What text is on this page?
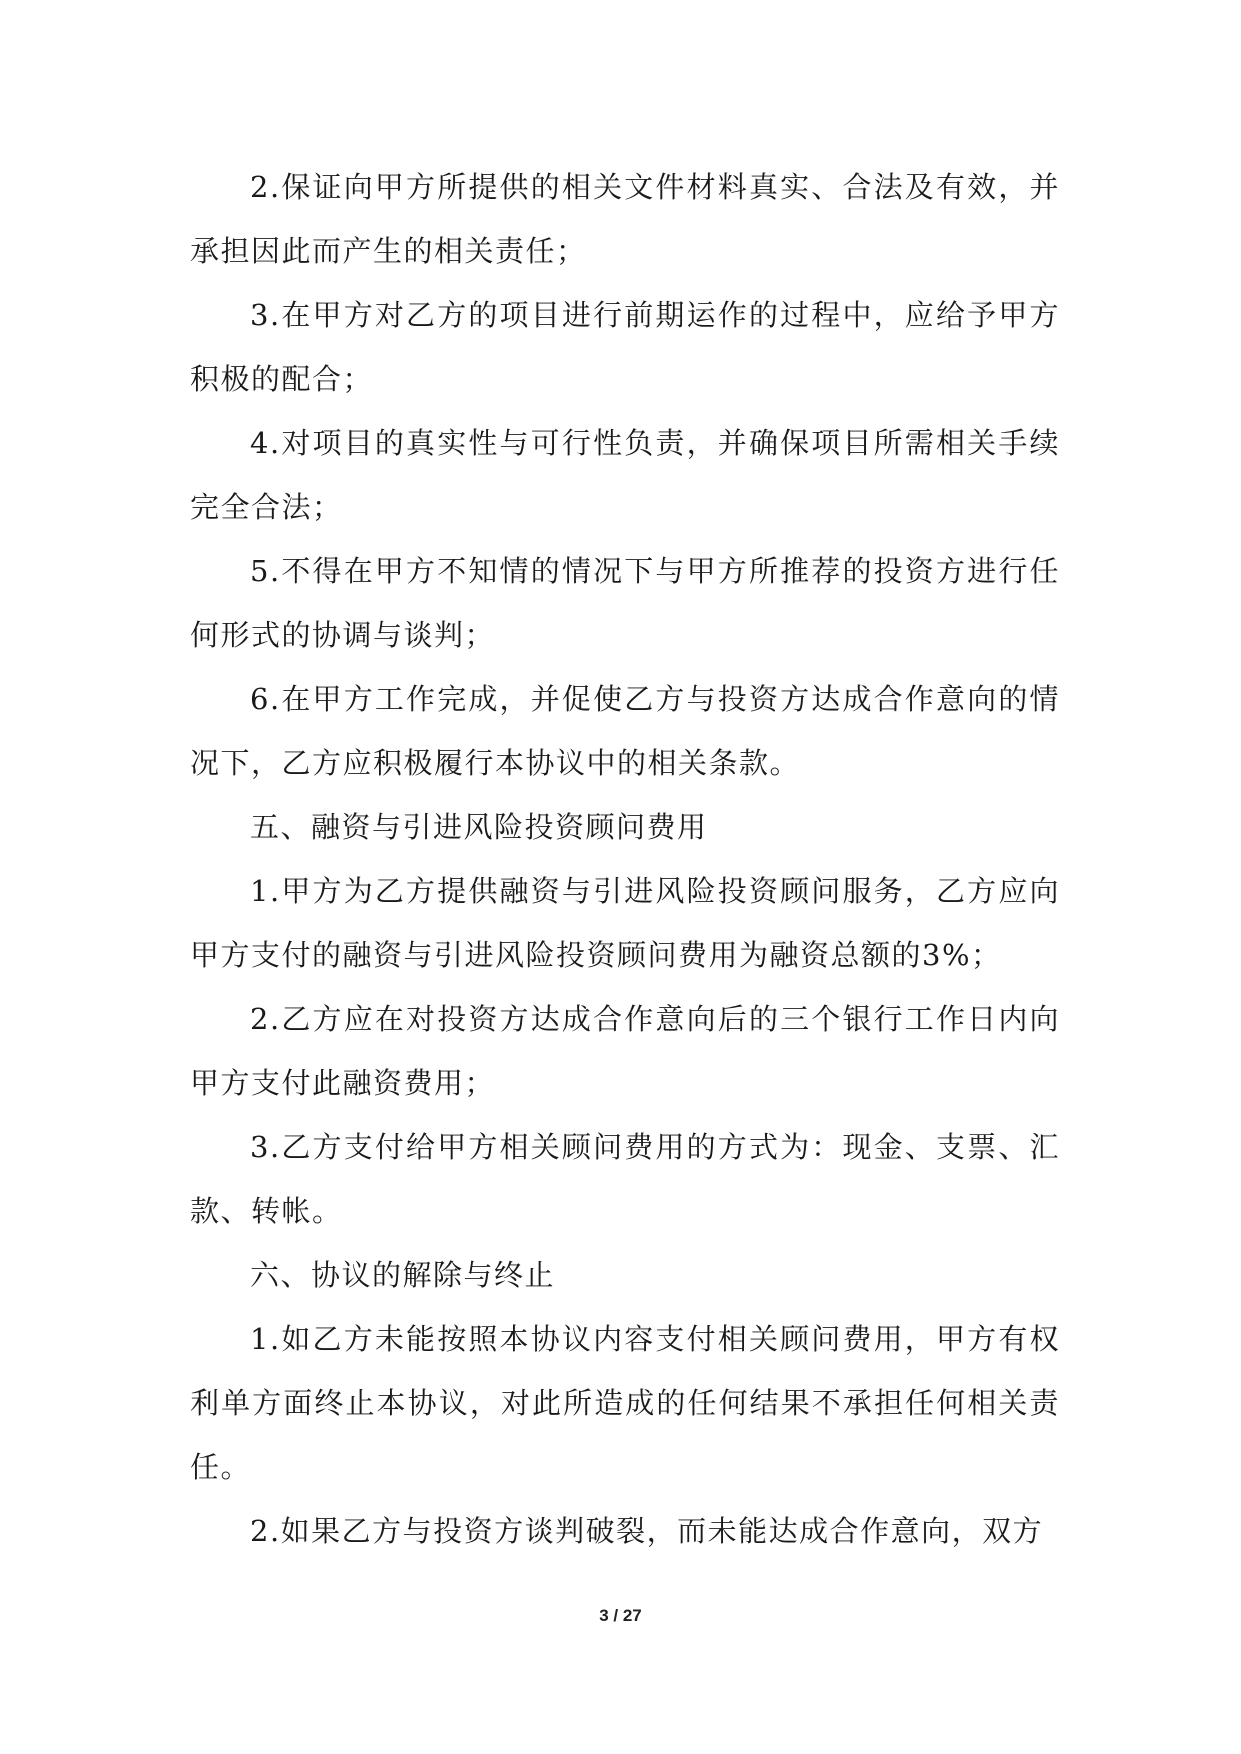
2.保证向甲方所提供的相关文件材料真实、合法及有效，并承担因此而产生的相关责任；

3.在甲方对乙方的项目进行前期运作的过程中，应给予甲方积极的配合；

4.对项目的真实性与可行性负责，并确保项目所需相关手续完全合法；

5.不得在甲方不知情的情况下与甲方所推荐的投资方进行任何形式的协调与谈判；

6.在甲方工作完成，并促使乙方与投资方达成合作意向的情况下，乙方应积极履行本协议中的相关条款。

五、融资与引进风险投资顾问费用

1.甲方为乙方提供融资与引进风险投资顾问服务，乙方应向甲方支付的融资与引进风险投资顾问费用为融资总额的3%；

2.乙方应在对投资方达成合作意向后的三个银行工作日内向甲方支付此融资费用；

3.乙方支付给甲方相关顾问费用的方式为：现金、支票、汇款、转帐。

六、协议的解除与终止

1.如乙方未能按照本协议内容支付相关顾问费用，甲方有权利单方面终止本协议，对此所造成的任何结果不承担任何相关责任。

2.如果乙方与投资方谈判破裂，而未能达成合作意向，双方

3 / 27
